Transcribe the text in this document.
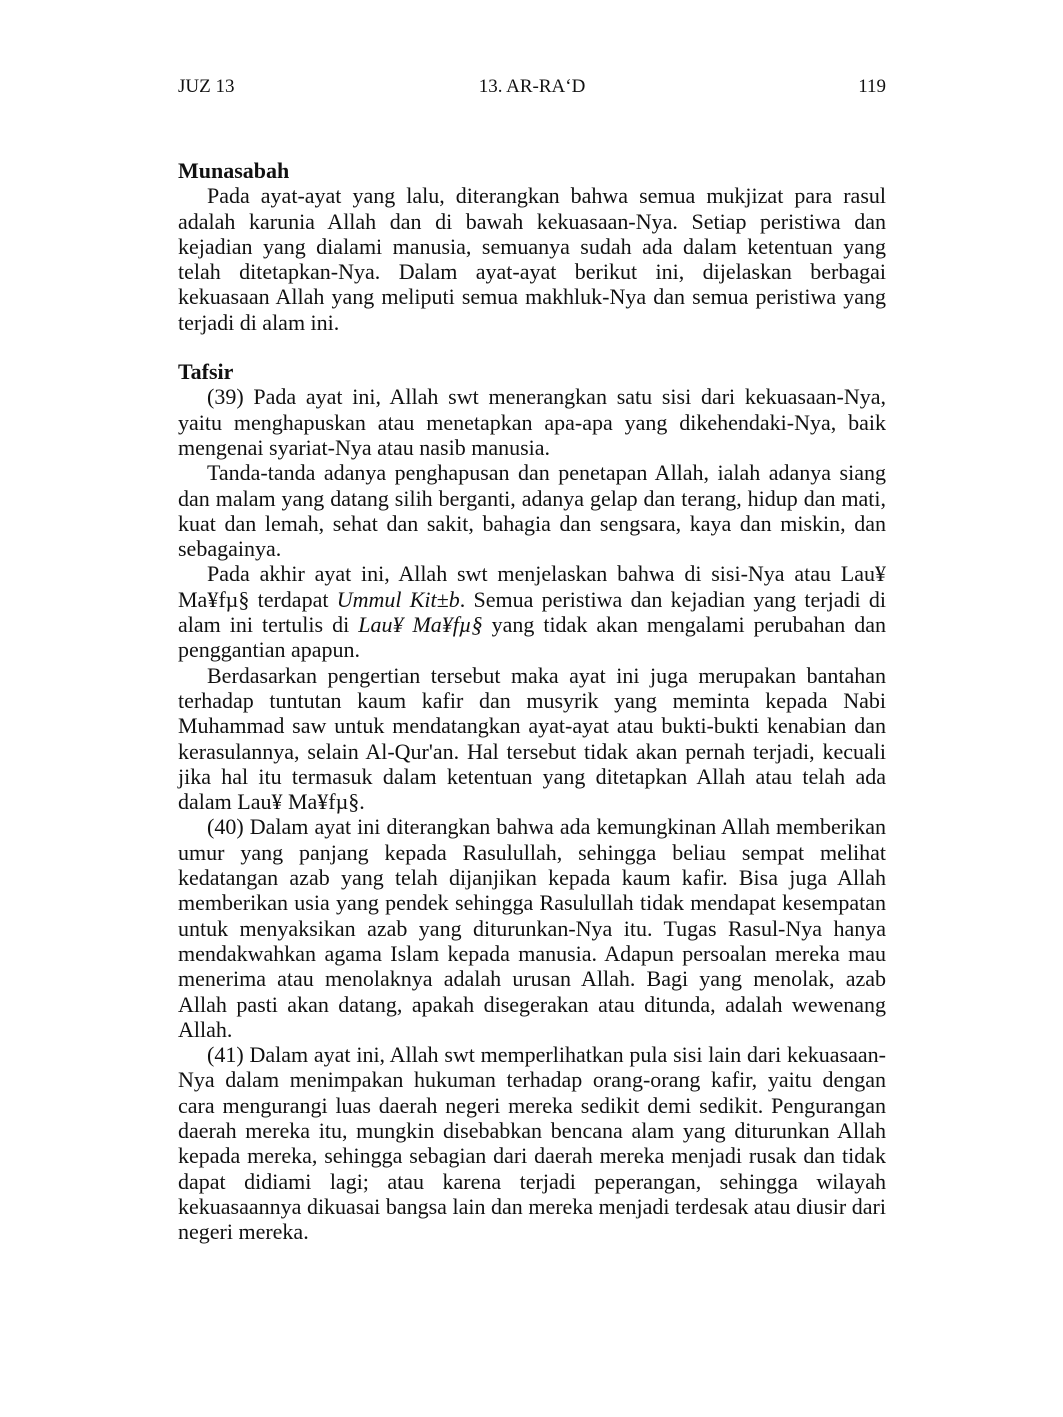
JUZ 13	13. AR-RA‘D	119
Munasabah

Pada ayat-ayat yang lalu, diterangkan bahwa semua mukjizat para rasul adalah karunia Allah dan di bawah kekuasaan-Nya. Setiap peristiwa dan kejadian yang dialami manusia, semuanya sudah ada dalam ketentuan yang telah ditetapkan-Nya. Dalam ayat-ayat berikut ini, dijelaskan berbagai kekuasaan Allah yang meliputi semua makhluk-Nya dan semua peristiwa yang terjadi di alam ini.

Tafsir

(39) Pada ayat ini, Allah swt menerangkan satu sisi dari kekuasaan-Nya, yaitu menghapuskan atau menetapkan apa-apa yang dikehendaki-Nya, baik mengenai syariat-Nya atau nasib manusia.

Tanda-tanda adanya penghapusan dan penetapan Allah, ialah adanya siang dan malam yang datang silih berganti, adanya gelap dan terang, hidup dan mati, kuat dan lemah, sehat dan sakit, bahagia dan sengsara, kaya dan miskin, dan sebagainya.

Pada akhir ayat ini, Allah swt menjelaskan bahwa di sisi-Nya atau Lau¥ Ma¥fµ§ terdapat Ummul Kit±b. Semua peristiwa dan kejadian yang terjadi di alam ini tertulis di Lau¥ Ma¥fµ§ yang tidak akan mengalami perubahan dan penggantian apapun.

Berdasarkan pengertian tersebut maka ayat ini juga merupakan bantahan terhadap tuntutan kaum kafir dan musyrik yang meminta kepada Nabi Muhammad saw untuk mendatangkan ayat-ayat atau bukti-bukti kenabian dan kerasulannya, selain Al-Qur'an. Hal tersebut tidak akan pernah terjadi, kecuali jika hal itu termasuk dalam ketentuan yang ditetapkan Allah atau telah ada dalam Lau¥ Ma¥fµ§.

(40) Dalam ayat ini diterangkan bahwa ada kemungkinan Allah memberikan umur yang panjang kepada Rasulullah, sehingga beliau sempat melihat kedatangan azab yang telah dijanjikan kepada kaum kafir. Bisa juga Allah memberikan usia yang pendek sehingga Rasulullah tidak mendapat kesempatan untuk menyaksikan azab yang diturunkan-Nya itu. Tugas Rasul-Nya hanya mendakwahkan agama Islam kepada manusia. Adapun persoalan mereka mau menerima atau menolaknya adalah urusan Allah. Bagi yang menolak, azab Allah pasti akan datang, apakah disegerakan atau ditunda, adalah wewenang Allah.

(41) Dalam ayat ini, Allah swt memperlihatkan pula sisi lain dari kekuasaan-Nya dalam menimpakan hukuman terhadap orang-orang kafir, yaitu dengan cara mengurangi luas daerah negeri mereka sedikit demi sedikit. Pengurangan daerah mereka itu, mungkin disebabkan bencana alam yang diturunkan Allah kepada mereka, sehingga sebagian dari daerah mereka menjadi rusak dan tidak dapat didiami lagi; atau karena terjadi peperangan, sehingga wilayah kekuasaannya dikuasai bangsa lain dan mereka menjadi terdesak atau diusir dari negeri mereka.
